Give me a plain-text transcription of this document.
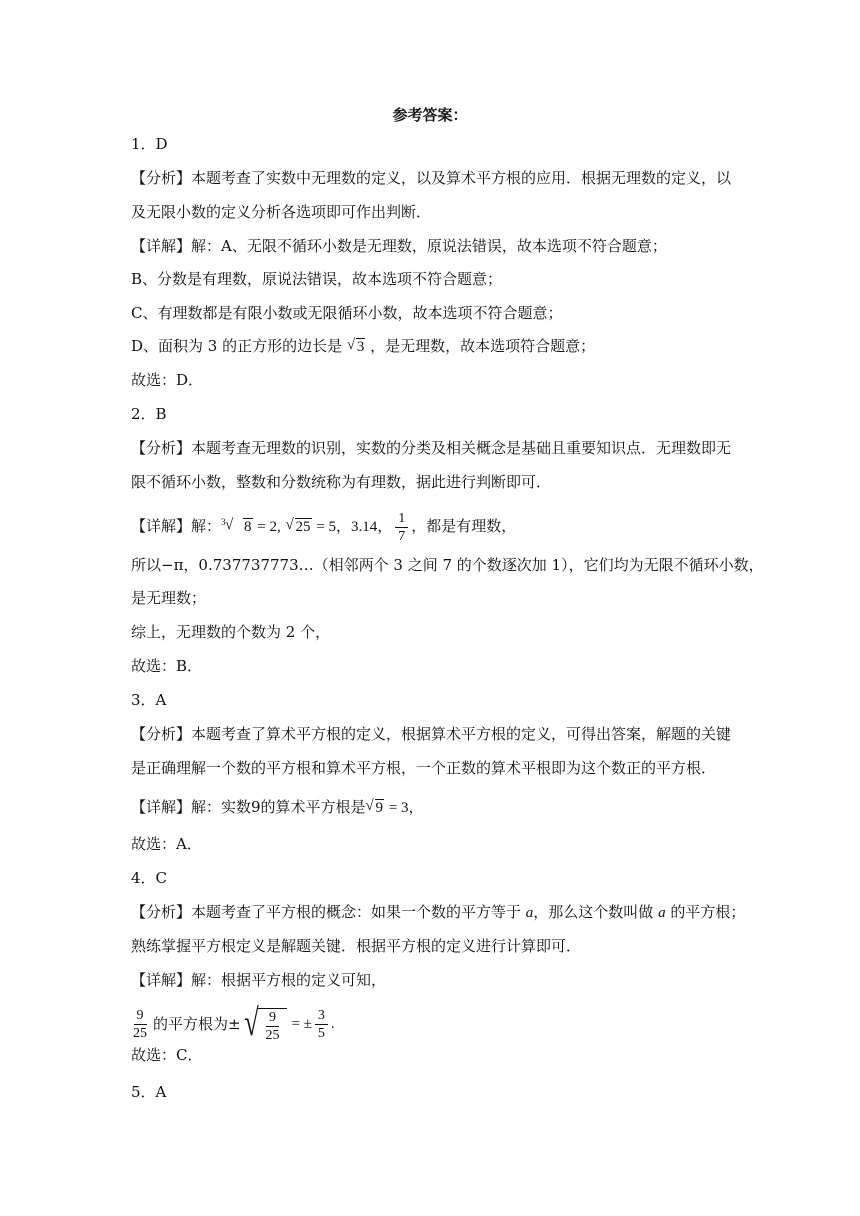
参考答案：
1．D
【分析】本题考查了实数中无理数的定义，以及算术平方根的应用．根据无理数的定义，以
及无限小数的定义分析各选项即可作出判断．
【详解】解：A、无限不循环小数是无理数，原说法错误，故本选项不符合题意；
B、分数是有理数，原说法错误，故本选项不符合题意；
C、有理数都是有限小数或无限循环小数，故本选项不符合题意；
D、面积为 3 的正方形的边长是 √ 3 ，是无理数，故本选项符合题意；
故选：D．
2．B
【分析】本题考查无理数的识别，实数的分类及相关概念是基础且重要知识点．无理数即无
限不循环小数，整数和分数统称为有理数，据此进行判断即可．
【详解】解： 3 √ 8 = 2, √ 25 = 5，3.14， $\frac{1}{7}$ ，都是有理数，
所以−π，0.737737773…（相邻两个 3 之间 7 的个数逐次加 1），它们均为无限不循环小数，
是无理数；
综上，无理数的个数为 2 个，
故选：B．
3．A
【分析】本题考查了算术平方根的定义，根据算术平方根的定义，可得出答案，解题的关键
是正确理解一个数的平方根和算术平方根，一个正数的算术平根即为这个数正的平方根．
【详解】解：实数9的算术平方根是 √ 9 = 3，
故选：A．
4．C
【分析】本题考查了平方根的概念：如果一个数的平方等于 a，那么这个数叫做 a 的平方根；
熟练掌握平方根定义是解题关键．根据平方根的定义进行计算即可．
【详解】解：根据平方根的定义可知，
$\frac{9}{25}$ 的平方根为± √ $\frac{9}{25}$ = ± $\frac{3}{5}$ .
故选：C．
5．A
